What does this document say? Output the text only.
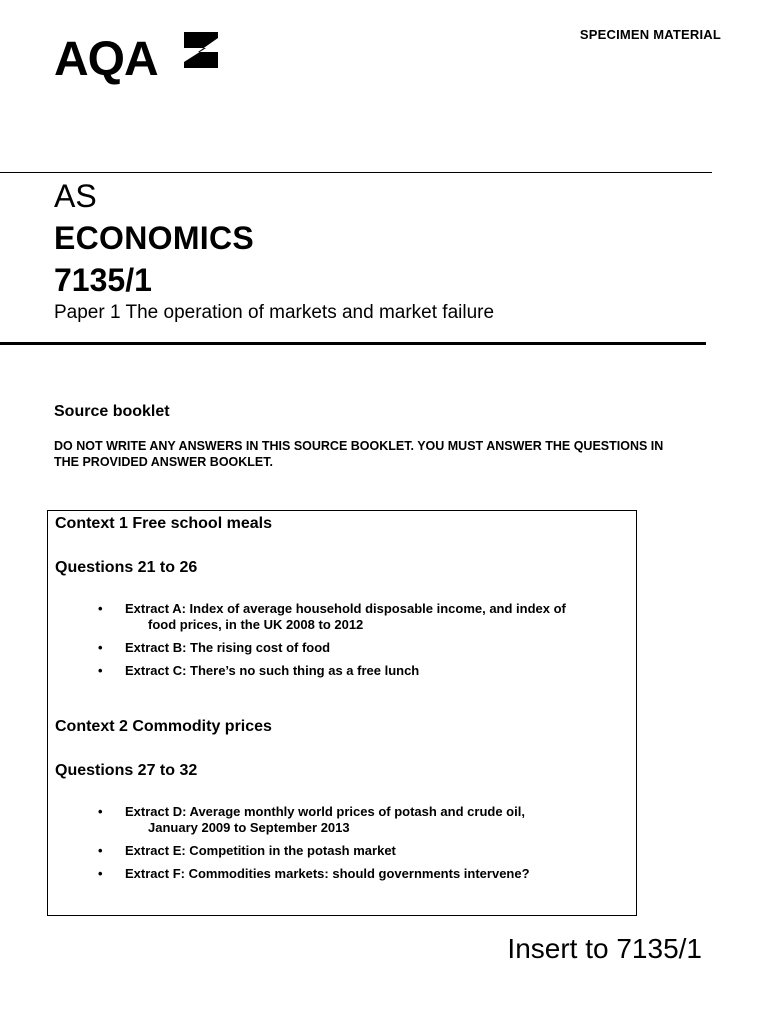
SPECIMEN MATERIAL
AQA
AS
ECONOMICS
7135/1
Paper 1 The operation of markets and market failure
Source booklet
DO NOT WRITE ANY ANSWERS IN THIS SOURCE BOOKLET. YOU MUST ANSWER THE QUESTIONS IN THE PROVIDED ANSWER BOOKLET.
Context 1 Free school meals
Questions 21 to 26
• Extract A: Index of average household disposable income, and index of
food prices, in the UK 2008 to 2012
• Extract B: The rising cost of food
• Extract C: There’s no such thing as a free lunch
Context 2 Commodity prices
Questions 27 to 32
• Extract D: Average monthly world prices of potash and crude oil,
January 2009 to September 2013
• Extract E: Competition in the potash market
• Extract F: Commodities markets: should governments intervene?
Insert to 7135/1
